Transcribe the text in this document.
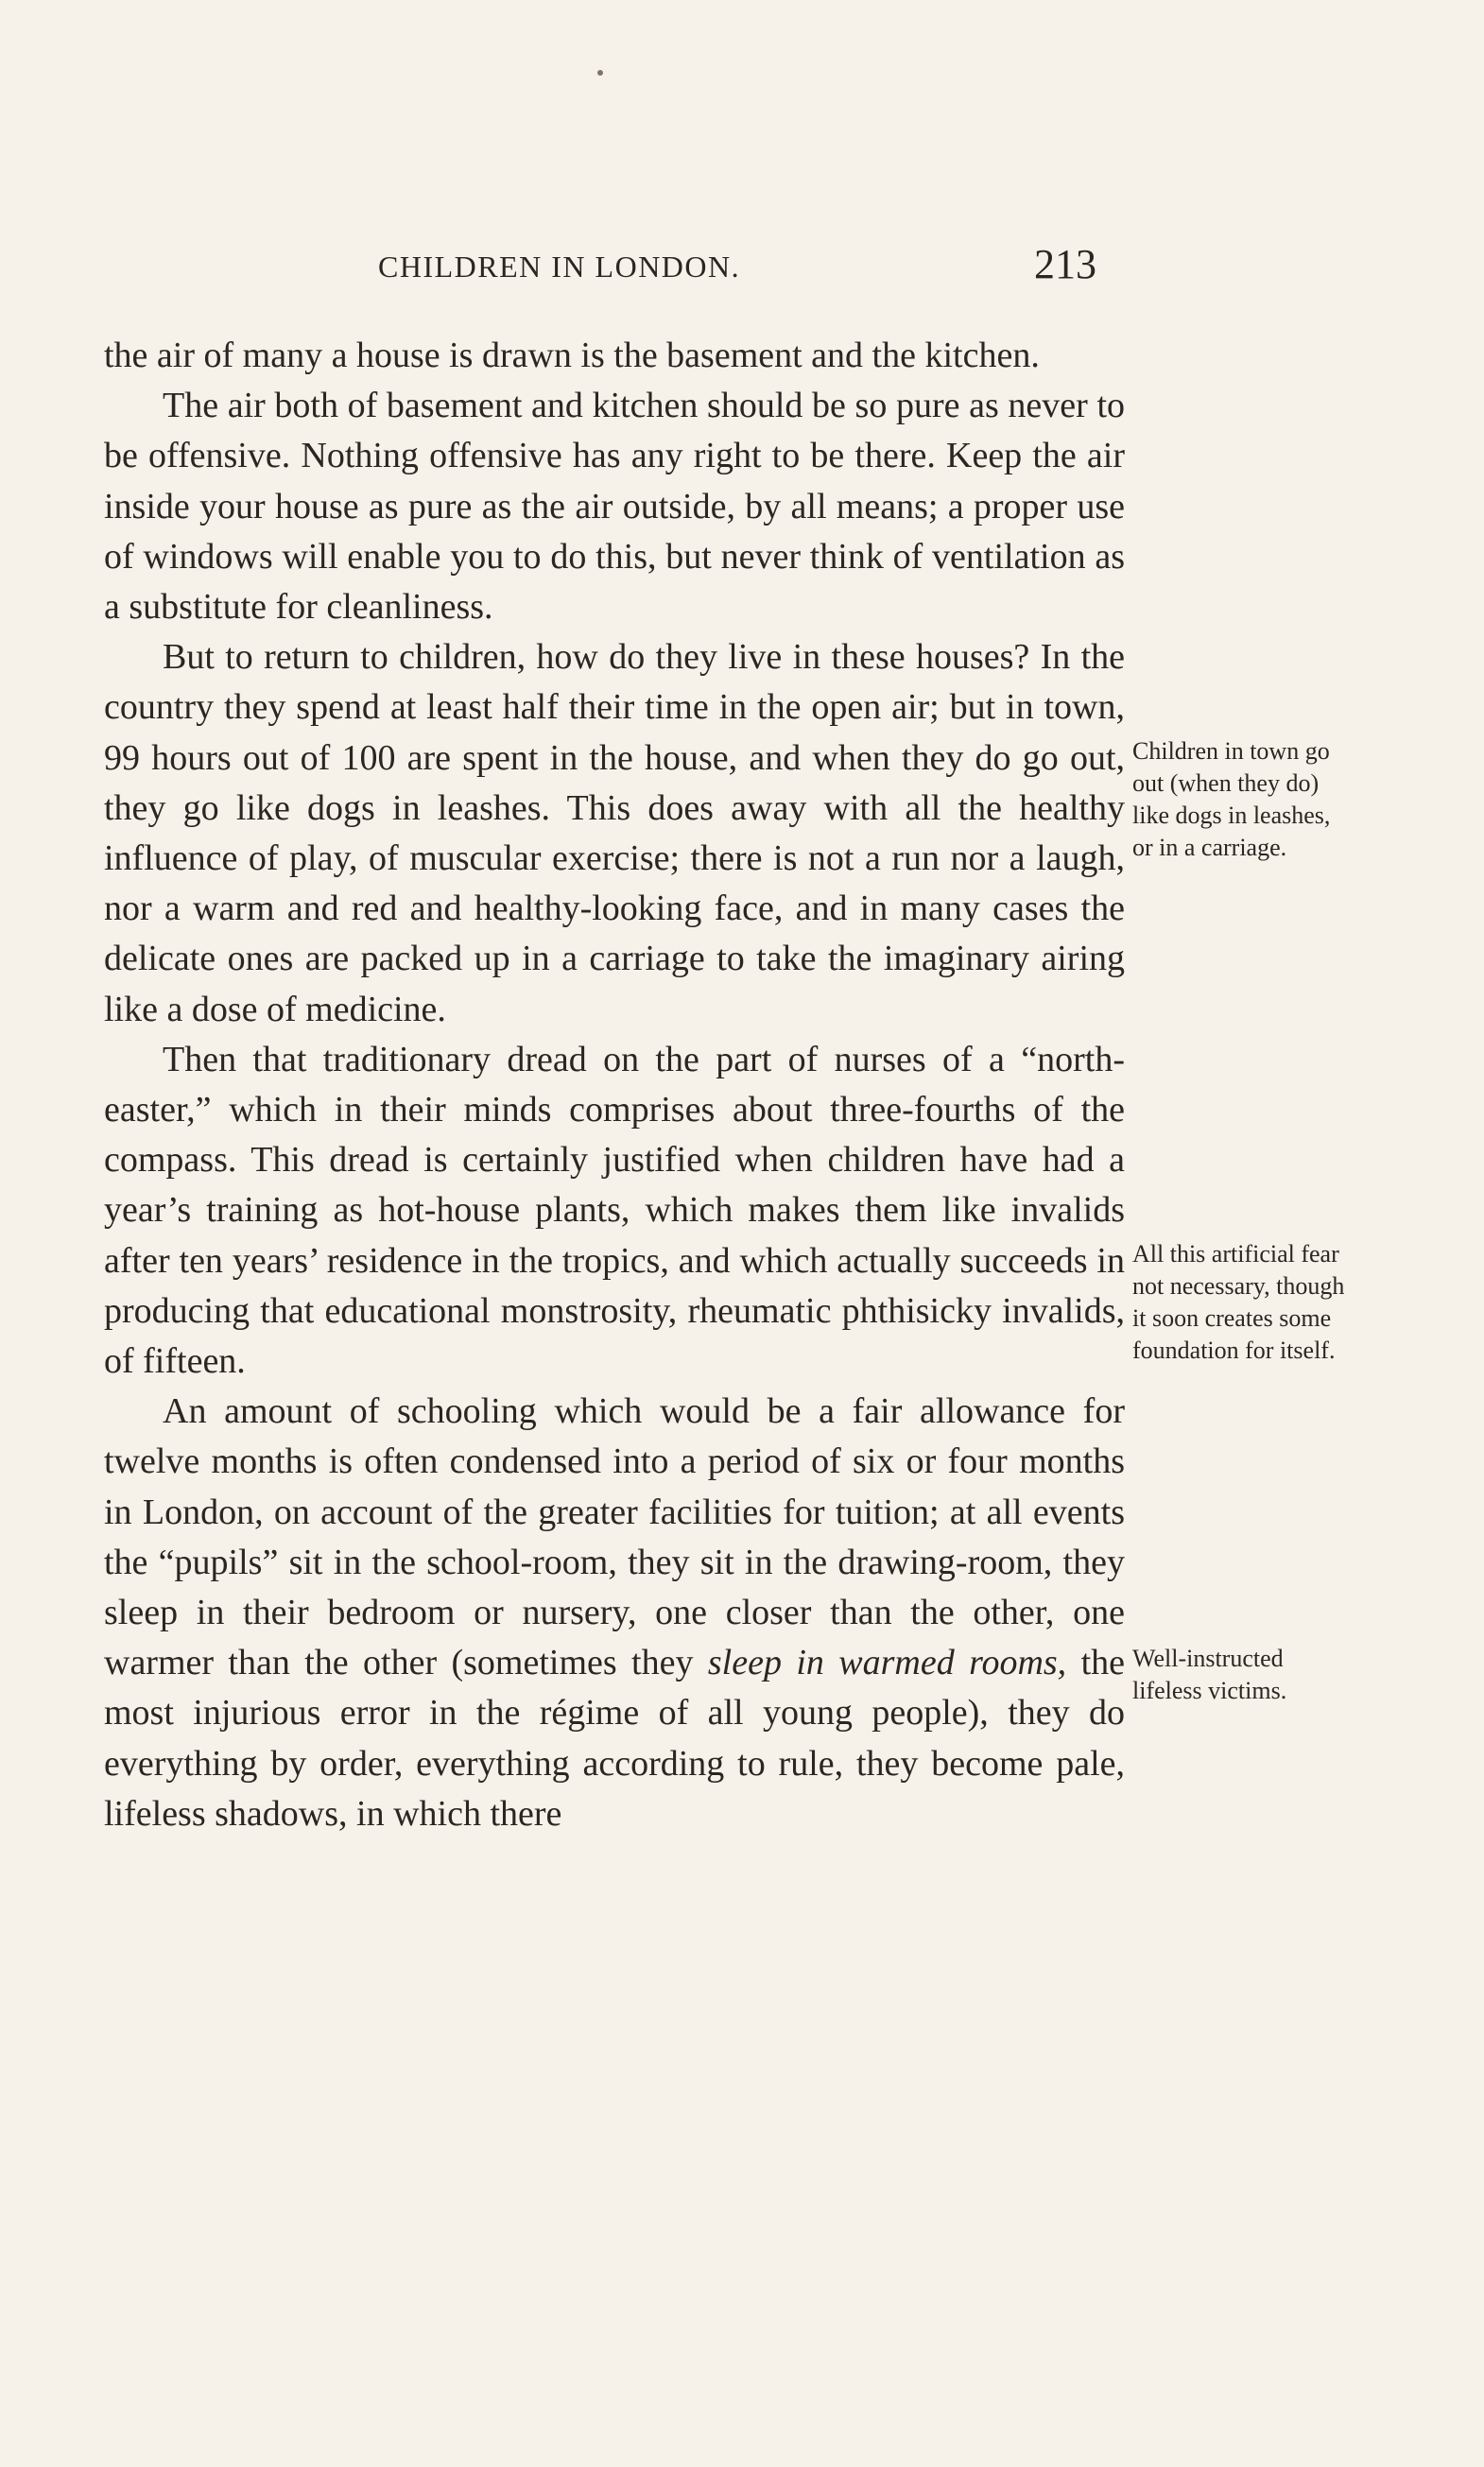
CHILDREN IN LONDON.	213

the air of many a house is drawn is the basement and the kitchen.

The air both of basement and kitchen should be so pure as never to be offensive. Nothing offensive has any right to be there. Keep the air inside your house as pure as the air outside, by all means; a proper use of windows will enable you to do this, but never think of ventilation as a substitute for cleanliness.

But to return to children, how do they live in these houses? In the country they spend at least half their time in the open air; but in town, 99 hours out of 100 are spent in the house, and when they do go out, they go like dogs in leashes. This does away with all the healthy influence of play, of muscular exercise; there is not a run nor a laugh, nor a warm and red and healthy-looking face, and in many cases the delicate ones are packed up in a carriage to take the imaginary airing like a dose of medicine.

Then that traditionary dread on the part of nurses of a “north-easter,” which in their minds comprises about three-fourths of the compass. This dread is certainly justified when children have had a year’s training as hot-house plants, which makes them like invalids after ten years’ residence in the tropics, and which actually succeeds in producing that educational monstrosity, rheumatic phthisicky invalids, of fifteen.

An amount of schooling which would be a fair allowance for twelve months is often condensed into a period of six or four months in London, on account of the greater facilities for tuition; at all events the “pupils” sit in the school-room, they sit in the drawing-room, they sleep in their bedroom or nursery, one closer than the other, one warmer than the other (sometimes they sleep in warmed rooms, the most injurious error in the régime of all young people), they do everything by order, everything according to rule, they become pale, lifeless shadows, in which there

Children in town go out (when they do) like dogs in leashes, or in a carriage.
All this artificial fear not necessary, though it soon creates some foundation for itself.
Well-instructed lifeless victims.
